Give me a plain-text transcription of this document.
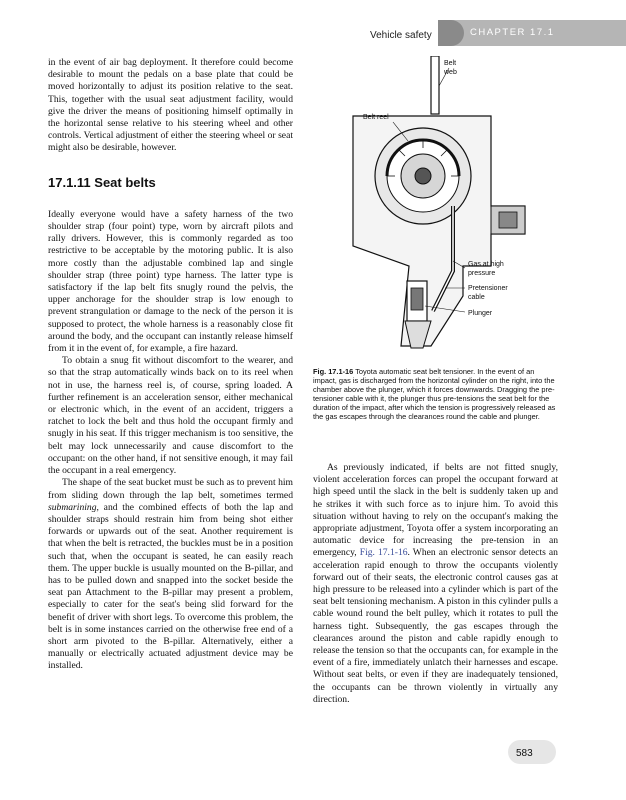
Vehicle safety	CHAPTER 17.1

in the event of air bag deployment. It therefore could become desirable to mount the pedals on a base plate that could be moved horizontally to adjust its position relative to the seat. This, together with the usual seat adjustment facility, would give the driver the means of positioning himself optimally in the horizontal sense relative to his steering wheel and other controls. Vertical adjustment of either the steering wheel or seat might also be desirable, however.

17.1.11 Seat belts

Ideally everyone would have a safety harness of the two shoulder strap (four point) type, worn by aircraft pilots and rally drivers. However, this is commonly regarded as too restrictive to be acceptable by the motoring public. It is also more costly than the adjustable combined lap and single shoulder strap (three point) type harness. The latter type is satisfactory if the lap belt fits snugly round the pelvis, the upper anchorage for the shoulder strap is low enough to prevent strangulation or damage to the neck of the person it is supposed to protect, the whole harness is a reasonably close fit around the body, and the occupant can instantly release himself from it in the event of, for example, a fire hazard.

To obtain a snug fit without discomfort to the wearer, and so that the strap automatically winds back on to its reel when not in use, the harness reel is, of course, spring loaded. A further refinement is an acceleration sensor, either mechanical or electronic which, in the event of an accident, triggers a ratchet to lock the belt and thus hold the occupant firmly and snugly in his seat. If this trigger mechanism is too sensitive, the belt may lock unnecessarily and cause discomfort to the occupant: on the other hand, if not sensitive enough, it may fail the occupant in a real emergency.

The shape of the seat bucket must be such as to prevent him from sliding down through the lap belt, sometimes termed submarining, and the combined effects of both the lap and shoulder straps should restrain him from being shot either forwards or upwards out of the seat. Another requirement is that when the belt is retracted, the buckles must be in a position such that, when the occupant is seated, he can easily reach them. The upper buckle is usually mounted on the B-pillar, and has to be pulled down and snapped into the socket beside the seat pan Attachment to the B-pillar may present a problem, especially to cater for the seat's being slid forward for the benefit of driver with short legs. To overcome this problem, the belt is in some instances carried on the otherwise free end of a short arm pivoted to the B-pillar. Alternatively, either a manually or electrically actuated adjustment device may be installed.

Belt
web
Belt reel
Gas at high
pressure
Pretensioner
cable
Plunger
Fig. 17.1-16 Toyota automatic seat belt tensioner. In the event of an impact, gas is discharged from the horizontal cylinder on the right, into the chamber above the plunger, which it forces downwards. Dragging the pre-tensioner cable with it, the plunger thus pre-tensions the seat belt for the duration of the impact, after which the tension is progressively released as the gas escapes through the clearances round the cable and plunger.
As previously indicated, if belts are not fitted snugly, violent acceleration forces can propel the occupant forward at high speed until the slack in the belt is suddenly taken up and he strikes it with such force as to injure him. To avoid this situation without having to rely on the occupant's making the appropriate adjustment, Toyota offer a system incorporating an automatic device for increasing the pre-tension in an emergency, Fig. 17.1-16. When an electronic sensor detects an acceleration rapid enough to throw the occupants violently forward out of their seats, the electronic control causes gas at high pressure to be released into a cylinder which is part of the seat belt tensioning mechanism. A piston in this cylinder pulls a cable wound round the belt pulley, which it rotates to pull the harness tight. Subsequently, the gas escapes through the clearances around the piston and cable rapidly enough to release the tension so that the occupants can, for example in the event of a fire, immediately unlatch their harnesses and escape. Without seat belts, or even if they are inadequately tensioned, the occupants can be thrown violently in virtually any direction.
583
